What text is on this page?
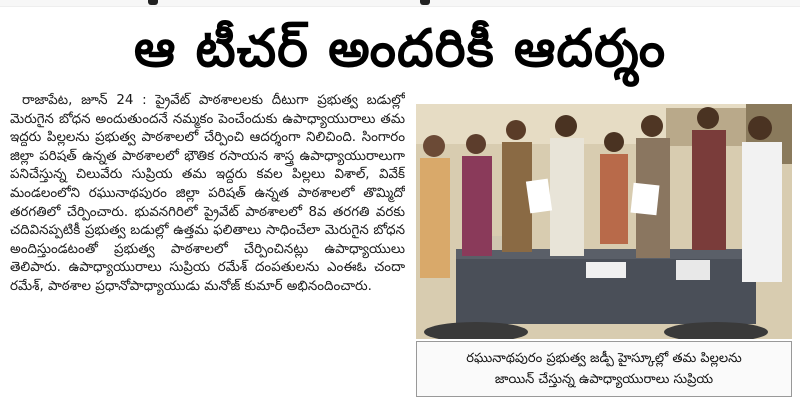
ఆ టీచర్ అందరికీ ఆదర్శం

రాజాపేట, జూన్ 24 : ప్రైవేట్ పాఠశాలలకు దీటుగా ప్రభుత్వ బడుల్లో మెరుగైన బోధన అందుతుందనే నమ్మకం పెంచేందుకు ఉపాధ్యాయురాలు తమ ఇద్దరు పిల్లలను ప్రభుత్వ పాఠశాలలో చేర్పించి ఆదర్శంగా నిలిచింది. సింగారం జిల్లా పరిషత్ ఉన్నత పాఠశాలలో భౌతిక రసాయన శాస్త్ర ఉపాధ్యాయురాలుగా పనిచేస్తున్న చిలువేరు సుప్రియ తమ ఇద్దరు కవల పిల్లలు విశాల్, వివేక్ మండలంలోని రఘునాథపురం జిల్లా పరిషత్ ఉన్నత పాఠశాలలో తొమ్మిదో తరగతిలో చేర్పించారు. భువనగిరిలో ప్రైవేట్ పాఠశాలలో 8వ తరగతి వరకు చదివినప్పటికీ ప్రభుత్వ బడుల్లో ఉత్తమ ఫలితాలు సాధించేలా మెరుగైన బోధన అందిస్తుండటంతో ప్రభుత్వ పాఠశాలలో చేర్పించినట్లు ఉపాధ్యాయులు తెలిపారు. ఉపాధ్యాయురాలు సుప్రియ రమేశ్ దంపతులను ఎంఈఓ చందా రమేశ్, పాఠశాల ప్రధానోపాధ్యాయుడు మనోజ్ కుమార్ అభినందించారు.

రఘునాథపురం ప్రభుత్వ జడ్పీ హైస్కూల్లో తమ పిల్లలను
జాయిన్ చేస్తున్న ఉపాధ్యాయురాలు సుప్రియ
